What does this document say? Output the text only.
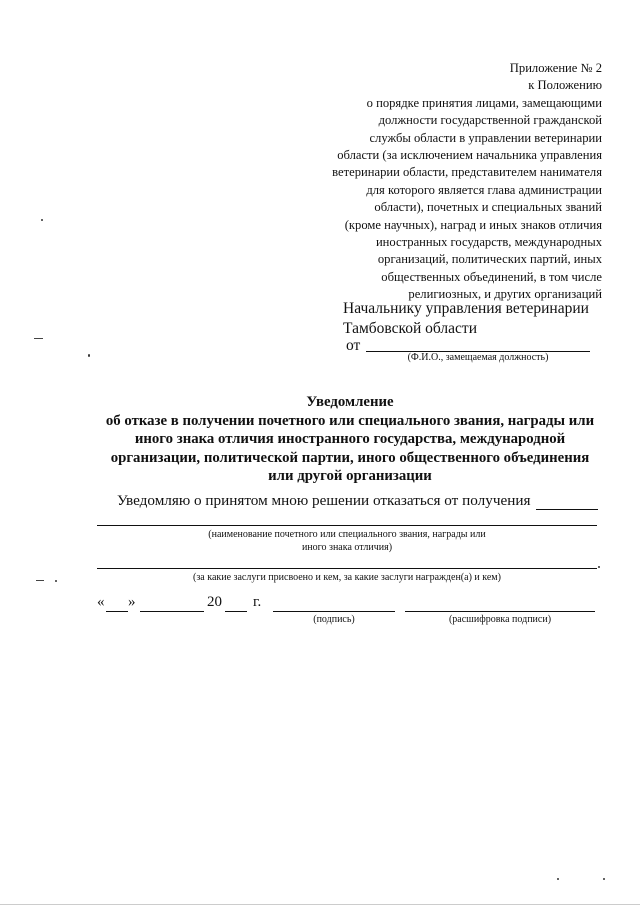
Приложение № 2
к Положению
о порядке принятия лицами, замещающими
должности государственной гражданской
службы области в управлении ветеринарии
области (за исключением начальника управления
ветеринарии области, представителем нанимателя
для которого является глава администрации
области), почетных и специальных званий
(кроме научных), наград и иных знаков отличия
иностранных государств, международных
организаций, политических партий, иных
общественных объединений, в том числе
религиозных, и других организаций
Начальнику управления ветеринарии
Тамбовской области
от
(Ф.И.О., замещаемая должность)
Уведомление
об отказе в получении почетного или специального звания, награды или
иного знака отличия иностранного государства, международной
организации, политической партии, иного общественного объединения
или другой организации
Уведомляю о принятом мною решении отказаться от получения
(наименование почетного или специального звания, награды или
иного знака отличия)
(за какие заслуги присвоено и кем, за какие заслуги награжден(а) и кем)
« »	20 г.
(подпись)	(расшифровка подписи)
